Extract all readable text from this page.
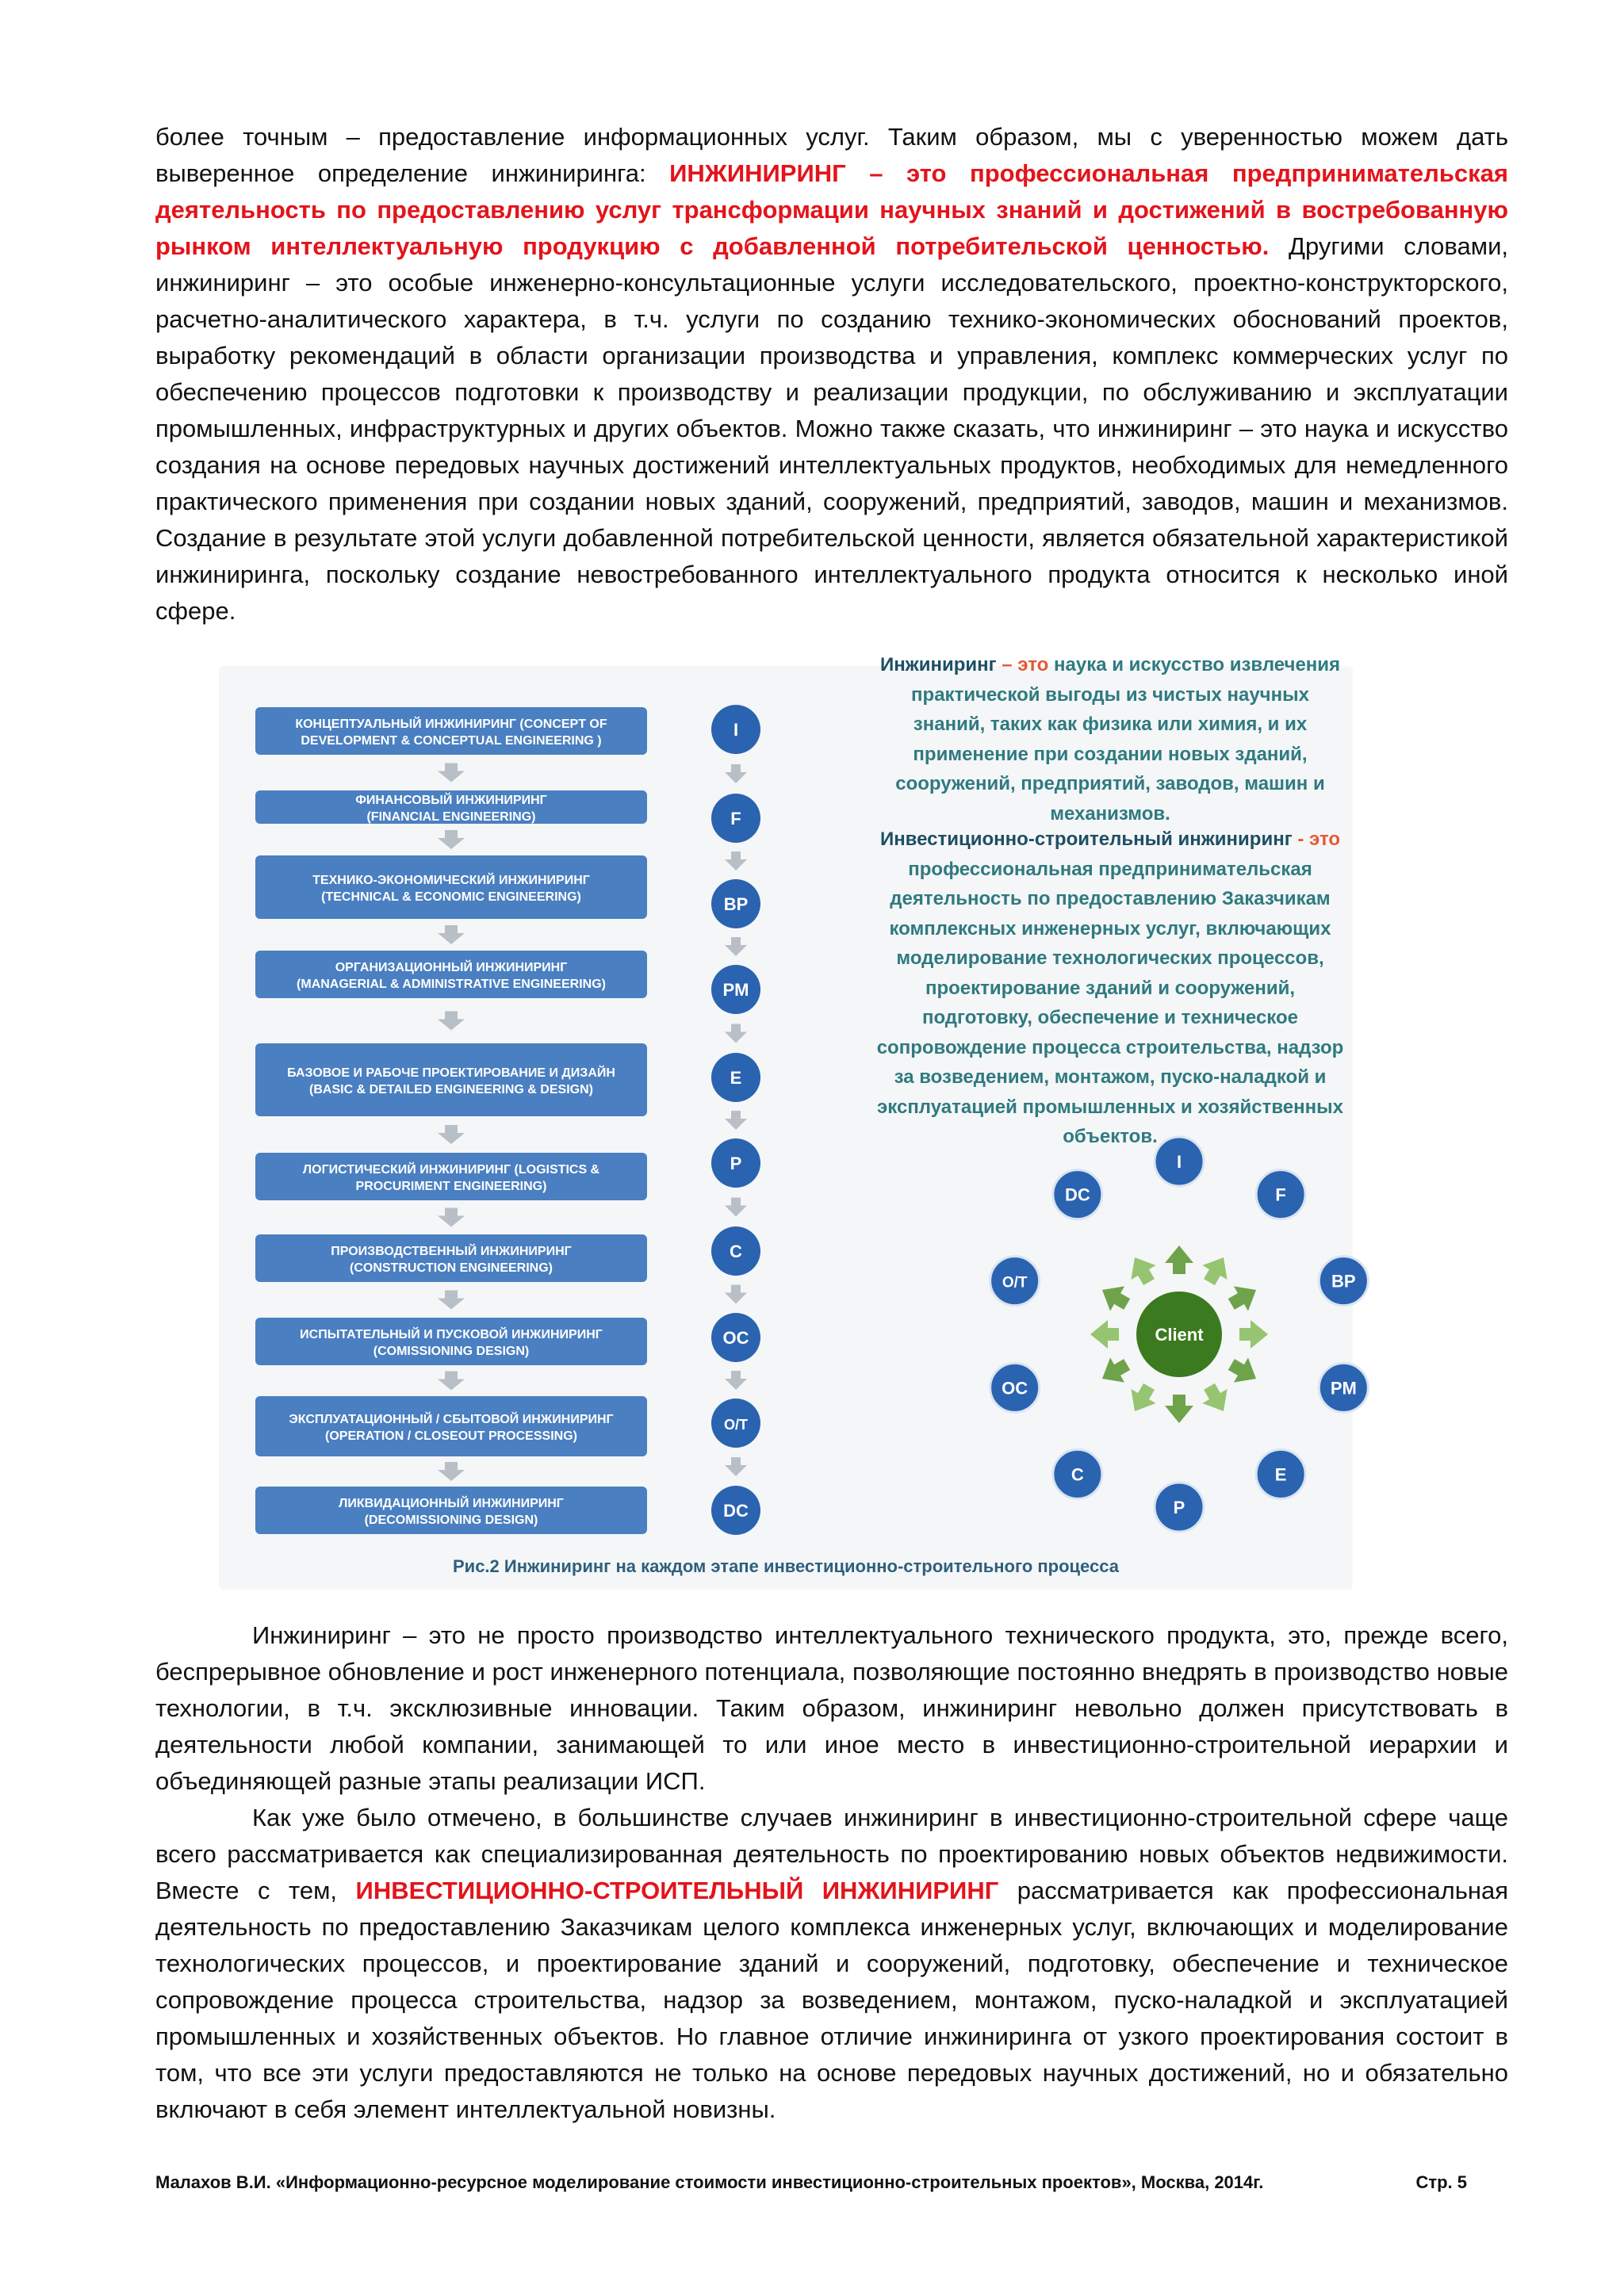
более точным – предоставление информационных услуг. Таким образом, мы с уверенностью можем дать выверенное определение инжиниринга: ИНЖИНИРИНГ – это профессиональная предпринимательская деятельность по предоставлению услуг трансформации научных знаний и достижений в востребованную рынком интеллектуальную продукцию с добавленной потребительской ценностью. Другими словами, инжиниринг – это особые инженерно-консультационные услуги исследовательского, проектно-конструкторского, расчетно-аналитического характера, в т.ч. услуги по созданию технико-экономических обоснований проектов, выработку рекомендаций в области организации производства и управления, комплекс коммерческих услуг по обеспечению процессов подготовки к производству и реализации продукции, по обслуживанию и эксплуатации промышленных, инфраструктурных и других объектов. Можно также сказать, что инжиниринг – это наука и искусство создания на основе передовых научных достижений интеллектуальных продуктов, необходимых для немедленного практического применения при создании новых зданий, сооружений, предприятий, заводов, машин и механизмов. Создание в результате этой услуги добавленной потребительской ценности, является обязательной характеристикой инжиниринга, поскольку создание невостребованного интеллектуального продукта относится к несколько иной сфере.

КОНЦЕПТУАЛЬНЫЙ ИНЖИНИРИНГ (CONCEPT OF
DEVELOPMENT & CONCEPTUAL ENGINEERING )
I
ФИНАНСОВЫЙ ИНЖИНИРИНГ
(FINANCIAL ENGINEERING)	F
ТЕХНИКО-ЭКОНОМИЧЕСКИЙ ИНЖИНИРИНГ
(TECHNICAL & ECONOMIC ENGINEERING)	BP
ОРГАНИЗАЦИОННЫЙ ИНЖИНИРИНГ
(MANAGERIAL & ADMINISTRATIVE ENGINEERING)	PM
БАЗОВОЕ И РАБОЧЕ ПРОЕКТИРОВАНИЕ И ДИЗАЙН
(BASIC & DETAILED ENGINEERING & DESIGN)
E
ЛОГИСТИЧЕСКИЙ ИНЖИНИРИНГ (LOGISTICS &
PROCURIMENT ENGINEERING)
P
ПРОИЗВОДСТВЕННЫЙ ИНЖИНИРИНГ
(CONSTRUCTION ENGINEERING)
C
ИСПЫТАТЕЛЬНЫЙ И ПУСКОВОЙ ИНЖИНИРИНГ
(COMISSIONING DESIGN)
OC
ЭКСПЛУАТАЦИОННЫЙ / СБЫТОВОЙ ИНЖИНИРИНГ
(OPERATION / CLOSEOUT PROCESSING)
O/T
ЛИКВИДАЦИОННЫЙ ИНЖИНИРИНГ
(DECOMISSIONING DESIGN)	DC
Client
I
F
BP
PM
E
P
C
OC
O/T
DC
Инжиниринг – это наука и искусство извлечения практической выгоды из чистых научных знаний, таких как физика или химия, и их применение при создании новых зданий, сооружений, предприятий, заводов, машин и механизмов.
Инвестиционно-строительный инжиниринг - это профессиональная предпринимательская деятельность по предоставлению Заказчикам комплексных инженерных услуг, включающих моделирование технологических процессов, проектирование зданий и сооружений, подготовку, обеспечение и техническое сопровождение процесса строительства, надзор за возведением, монтажом, пуско-наладкой и эксплуатацией промышленных и хозяйственных объектов.
Рис.2 Инжиниринг на каждом этапе инвестиционно-строительного процесса

Инжиниринг – это не просто производство интеллектуального технического продукта, это, прежде всего, беспрерывное обновление и рост инженерного потенциала, позволяющие постоянно внедрять в производство новые технологии, в т.ч. эксклюзивные инновации. Таким образом, инжиниринг невольно должен присутствовать в деятельности любой компании, занимающей то или иное место в инвестиционно-строительной иерархии и объединяющей разные этапы реализации ИСП.

Как уже было отмечено, в большинстве случаев инжиниринг в инвестиционно-строительной сфере чаще всего рассматривается как специализированная деятельность по проектированию новых объектов недвижимости. Вместе с тем, ИНВЕСТИЦИОННО-СТРОИТЕЛЬНЫЙ ИНЖИНИРИНГ рассматривается как профессиональная деятельность по предоставлению Заказчикам целого комплекса инженерных услуг, включающих и моделирование технологических процессов, и проектирование зданий и сооружений, подготовку, обеспечение и техническое сопровождение процесса строительства, надзор за возведением, монтажом, пуско-наладкой и эксплуатацией промышленных и хозяйственных объектов. Но главное отличие инжиниринга от узкого проектирования состоит в том, что все эти услуги предоставляются не только на основе передовых научных достижений, но и обязательно включают в себя элемент интеллектуальной новизны.

Малахов В.И. «Информационно-ресурсное моделирование стоимости инвестиционно-строительных проектов», Москва, 2014г.	Стр. 5
